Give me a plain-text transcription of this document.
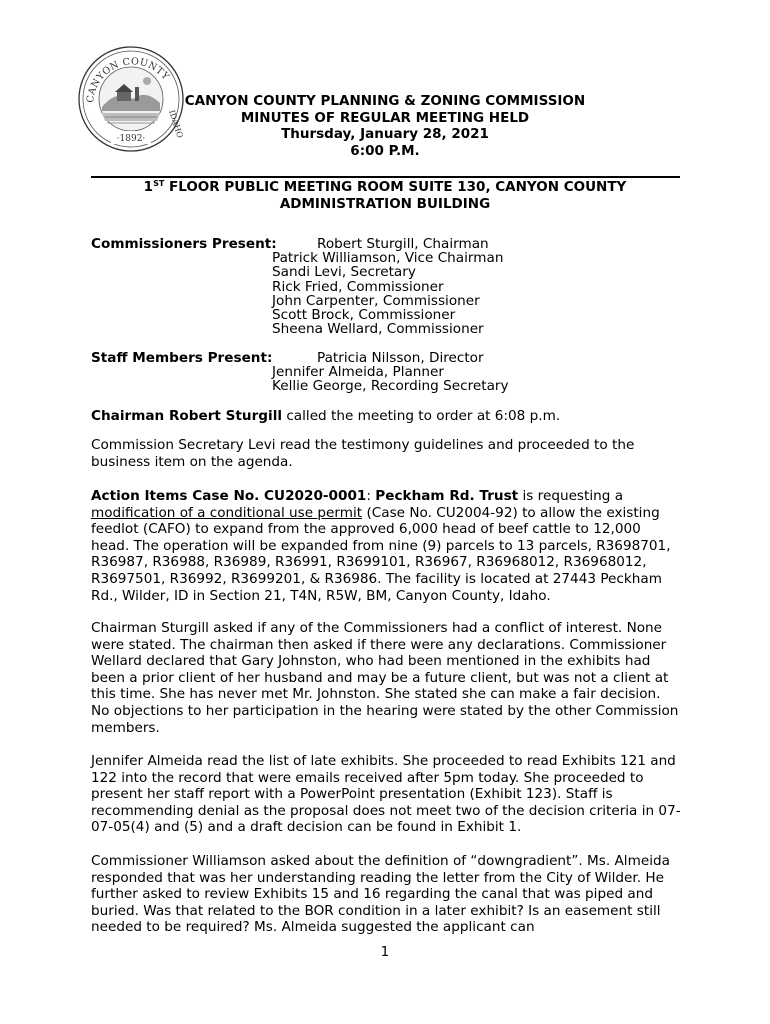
CANYON COUNTY
IDAHO
·1892·
CANYON COUNTY PLANNING & ZONING COMMISSION
MINUTES OF REGULAR MEETING HELD
Thursday, January 28, 2021
6:00 P.M.
1ST FLOOR PUBLIC MEETING ROOM SUITE 130, CANYON COUNTY
ADMINISTRATION BUILDING
Commissioners Present:	Robert Sturgill, Chairman
Patrick Williamson, Vice Chairman
Sandi Levi, Secretary
Rick Fried, Commissioner
John Carpenter, Commissioner
Scott Brock, Commissioner
Sheena Wellard, Commissioner
Staff Members Present:	Patricia Nilsson, Director
Jennifer Almeida, Planner
Kellie George, Recording Secretary

Chairman Robert Sturgill called the meeting to order at 6:08 p.m.

Commission Secretary Levi read the testimony guidelines and proceeded to the business item on the agenda.

Action Items Case No. CU2020-0001: Peckham Rd. Trust is requesting a modification of a conditional use permit (Case No. CU2004-92) to allow the existing feedlot (CAFO) to expand from the approved 6,000 head of beef cattle to 12,000 head. The operation will be expanded from nine (9) parcels to 13 parcels, R3698701, R36987, R36988, R36989, R36991, R3699101, R36967, R36968012, R36968012, R3697501, R36992, R3699201, & R36986. The facility is located at 27443 Peckham Rd., Wilder, ID in Section 21, T4N, R5W, BM, Canyon County, Idaho.

Chairman Sturgill asked if any of the Commissioners had a conflict of interest. None were stated. The chairman then asked if there were any declarations. Commissioner Wellard declared that Gary Johnston, who had been mentioned in the exhibits had been a prior client of her husband and may be a future client, but was not a client at this time. She has never met Mr. Johnston. She stated she can make a fair decision. No objections to her participation in the hearing were stated by the other Commission members.

Jennifer Almeida read the list of late exhibits. She proceeded to read Exhibits 121 and 122 into the record that were emails received after 5pm today. She proceeded to present her staff report with a PowerPoint presentation (Exhibit 123). Staff is recommending denial as the proposal does not meet two of the decision criteria in 07-07-05(4) and (5) and a draft decision can be found in Exhibit 1.

Commissioner Williamson asked about the definition of “downgradient”. Ms. Almeida responded that was her understanding reading the letter from the City of Wilder. He further asked to review Exhibits 15 and 16 regarding the canal that was piped and buried. Was that related to the BOR condition in a later exhibit? Is an easement still needed to be required? Ms. Almeida suggested the applicant can

1
